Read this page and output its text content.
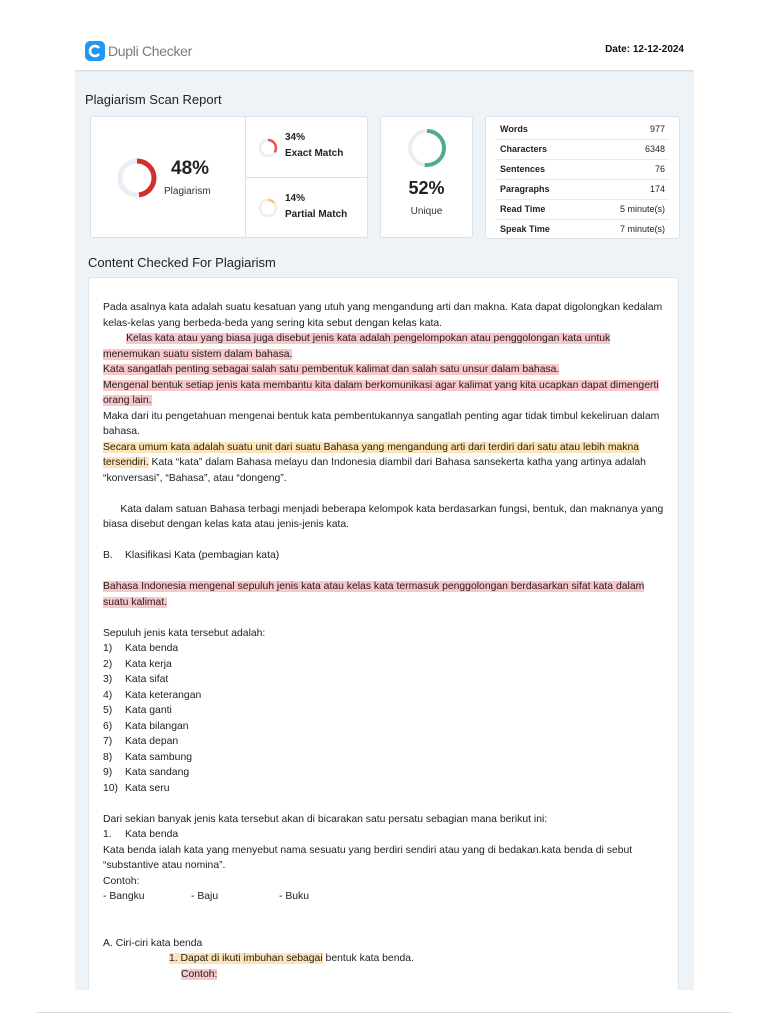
Dupli Checker	Date: 12-12-2024
Plagiarism Scan Report
48%
Plagiarism
34%
Exact Match
14%
Partial Match
52%
Unique
Words	977
Characters	6348
Sentences	76
Paragraphs	174
Read Time	5 minute(s)
Speak Time	7 minute(s)
Content Checked For Plagiarism

Pada asalnya kata adalah suatu kesatuan yang utuh yang mengandung arti dan makna. Kata dapat digolongkan kedalam kelas-kelas yang berbeda-beda yang sering kita sebut dengan kelas kata.

Kelas kata atau yang biasa juga disebut jenis kata adalah pengelompokan atau penggolongan kata untuk menemukan suatu sistem dalam bahasa.

Kata sangatlah penting sebagai salah satu pembentuk kalimat dan salah satu unsur dalam bahasa.

Mengenal bentuk setiap jenis kata membantu kita dalam berkomunikasi agar kalimat yang kita ucapkan dapat dimengerti orang lain.

Maka dari itu pengetahuan mengenai bentuk kata pembentukannya sangatlah penting agar tidak timbul kekeliruan dalam bahasa.

Secara umum kata adalah suatu unit dari suatu Bahasa yang mengandung arti dari terdiri dari satu atau lebih makna tersendiri. Kata “kata” dalam Bahasa melayu dan Indonesia diambil dari Bahasa sansekerta katha yang artinya adalah “konversasi”, “Bahasa”, atau “dongeng”.

Kata dalam satuan Bahasa terbagi menjadi beberapa kelompok kata berdasarkan fungsi, bentuk, dan maknanya yang biasa disebut dengan kelas kata atau jenis-jenis kata.

B.	Klasifikasi Kata (pembagian kata)

Bahasa Indonesia mengenal sepuluh jenis kata atau kelas kata termasuk penggolongan berdasarkan sifat kata dalam suatu kalimat.

Sepuluh jenis kata tersebut adalah:

1)	Kata benda

2)	Kata kerja

3)	Kata sifat

4)	Kata keterangan

5)	Kata ganti

6)	Kata bilangan

7)	Kata depan

8)	Kata sambung

9)	Kata sandang

10) Kata seru

Dari sekian banyak jenis kata tersebut akan di bicarakan satu persatu sebagian mana berikut ini:

1.	Kata benda

Kata benda ialah kata yang menyebut nama sesuatu yang berdiri sendiri atau yang di bedakan.kata benda di sebut “substantive atau nomina”.

Contoh:

- Bangku	- Baju	- Buku

A. Ciri-ciri kata benda

1. Dapat di ikuti imbuhan sebagai bentuk kata benda.

Contoh:
